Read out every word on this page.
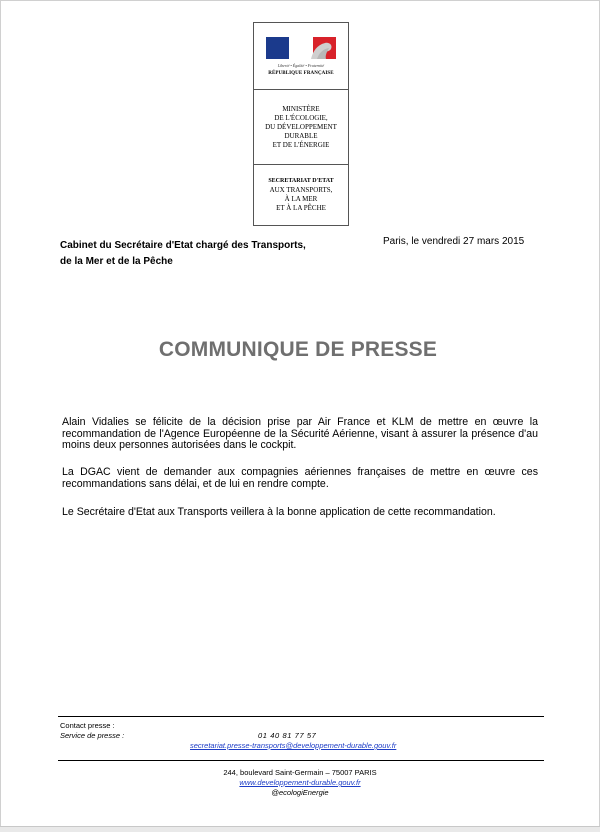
Liberté • Égalité • Fraternité
RÉPUBLIQUE FRANÇAISE
MINISTÈRE
DE L'ÉCOLOGIE,
DU DÉVELOPPEMENT
DURABLE
ET DE L'ÉNERGIE
SECRETARIAT D'ETAT
AUX TRANSPORTS,
À LA MER
ET À LA PÊCHE
Cabinet du Secrétaire d'Etat chargé des Transports,
de la Mer et de la Pêche
Paris, le vendredi 27 mars 2015
COMMUNIQUE DE PRESSE

Alain Vidalies se félicite de la décision prise par Air France et KLM de mettre en œuvre la recommandation de l'Agence Européenne de la Sécurité Aérienne, visant à assurer la présence d'au moins deux personnes autorisées dans le cockpit.

La DGAC vient de demander aux compagnies aériennes françaises de mettre en œuvre ces recommandations sans délai, et de lui en rendre compte.

Le Secrétaire d'Etat aux Transports veillera à la bonne application de cette recommandation.

Contact presse :
Service de presse :	01 40 81 77 57
secretariat.presse-transports@developpement-durable.gouv.fr
244, boulevard Saint-Germain – 75007 PARIS
www.developpement-durable.gouv.fr
@ecologiEnergie
